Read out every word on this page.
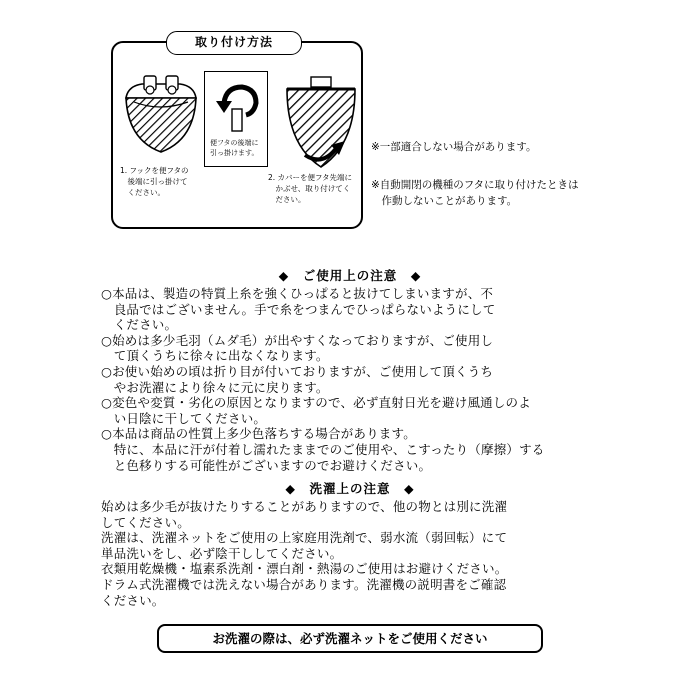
取り付け方法
1. フックを便フタの
　後端に引っ掛けて
　ください。
便フタの後端に
引っ掛けます。
2. カバーを便フタ先端に
　かぶせ、取り付けてく
　ださい。
※一部適合しない場合があります。
※自動開閉の機種のフタに取り付けたときは
　作動しないことがあります。
◆　ご使用上の注意　◆
○本品は、製造の特質上糸を強くひっぱると抜けてしまいますが、不
　良品ではございません。手で糸をつまんでひっぱらないようにして
　ください。
○始めは多少毛羽（ムダ毛）が出やすくなっておりますが、ご使用し
　て頂くうちに徐々に出なくなります。
○お使い始めの頃は折り目が付いておりますが、ご使用して頂くうち
　やお洗濯により徐々に元に戻ります。
○変色や変質・劣化の原因となりますので、必ず直射日光を避け風通しのよ
　い日陰に干してください。
○本品は商品の性質上多少色落ちする場合があります。
　特に、本品に汗が付着し濡れたままでのご使用や、こすったり（摩擦）する
　と色移りする可能性がございますのでお避けください。
◆　洗濯上の注意　◆
始めは多少毛が抜けたりすることがありますので、他の物とは別に洗濯
してください。
洗濯は、洗濯ネットをご使用の上家庭用洗剤で、弱水流（弱回転）にて
単品洗いをし、必ず陰干ししてください。
衣類用乾燥機・塩素系洗剤・漂白剤・熱湯のご使用はお避けください。
ドラム式洗濯機では洗えない場合があります。洗濯機の説明書をご確認
ください。
お洗濯の際は、必ず洗濯ネットをご使用ください
